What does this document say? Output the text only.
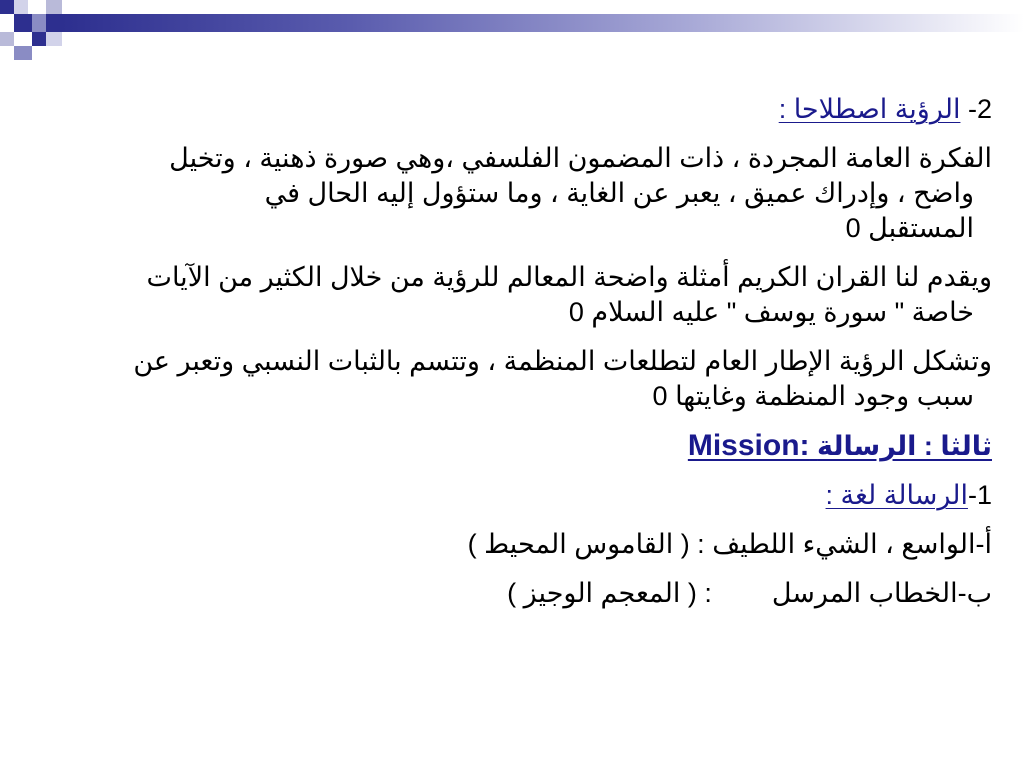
2- الرؤية اصطلاحا :
الفكرة العامة المجردة ، ذات المضمون الفلسفي ،وهي صورة ذهنية ، وتخيل
واضح ، وإدراك عميق ، يعبر عن الغاية ، وما ستؤول إليه الحال في
المستقبل 0
ويقدم لنا القران الكريم أمثلة واضحة المعالم للرؤية من خلال الكثير من الآيات
خاصة " سورة يوسف " عليه السلام 0
وتشكل الرؤية الإطار العام لتطلعات المنظمة ، وتتسم بالثبات النسبي وتعبر عن
سبب وجود المنظمة وغايتها 0
ثالثا : الرسالة Mission:
1-الرسالة لغة :
أ-الواسع ، الشيء اللطيف : ( القاموس المحيط )
ب-الخطاب المرسل: ( المعجم الوجيز )
